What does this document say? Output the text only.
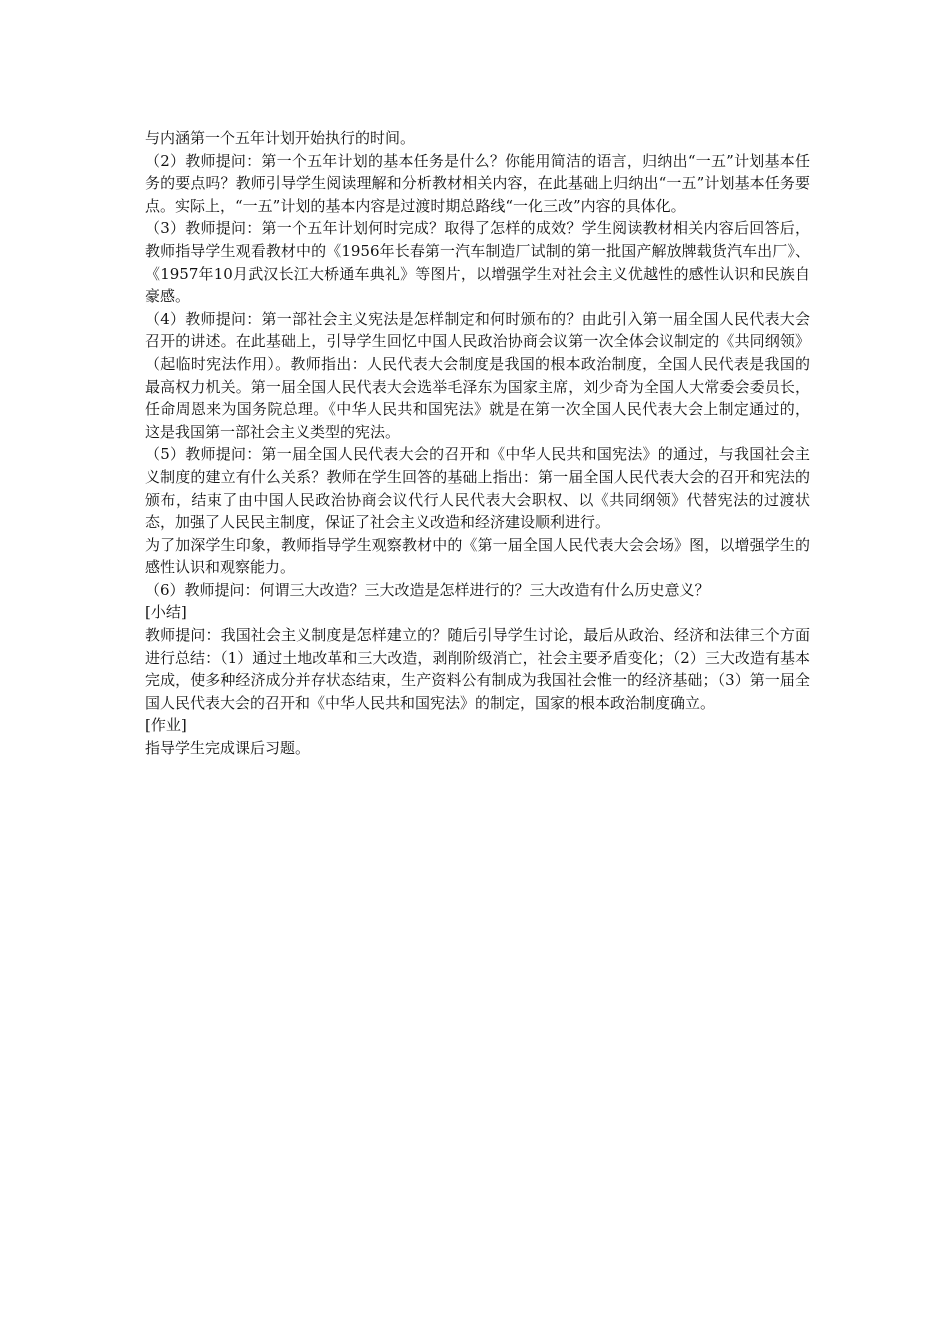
与内涵第一个五年计划开始执行的时间。

（2）教师提问：第一个五年计划的基本任务是什么？你能用简洁的语言，归纳出“一五”计划基本任务的要点吗？教师引导学生阅读理解和分析教材相关内容，在此基础上归纳出“一五”计划基本任务要点。实际上，“一五”计划的基本内容是过渡时期总路线“一化三改”内容的具体化。

（3）教师提问：第一个五年计划何时完成？取得了怎样的成效？学生阅读教材相关内容后回答后，教师指导学生观看教材中的《1956年长春第一汽车制造厂试制的第一批国产解放牌载货汽车出厂》、《1957年10月武汉长江大桥通车典礼》等图片，以增强学生对社会主义优越性的感性认识和民族自豪感。

（4）教师提问：第一部社会主义宪法是怎样制定和何时颁布的？由此引入第一届全国人民代表大会召开的讲述。在此基础上，引导学生回忆中国人民政治协商会议第一次全体会议制定的《共同纲领》（起临时宪法作用）。教师指出：人民代表大会制度是我国的根本政治制度，全国人民代表是我国的最高权力机关。第一届全国人民代表大会选举毛泽东为国家主席，刘少奇为全国人大常委会委员长，任命周恩来为国务院总理。《中华人民共和国宪法》就是在第一次全国人民代表大会上制定通过的，这是我国第一部社会主义类型的宪法。

（5）教师提问：第一届全国人民代表大会的召开和《中华人民共和国宪法》的通过，与我国社会主义制度的建立有什么关系？教师在学生回答的基础上指出：第一届全国人民代表大会的召开和宪法的颁布，结束了由中国人民政治协商会议代行人民代表大会职权、以《共同纲领》代替宪法的过渡状态，加强了人民民主制度，保证了社会主义改造和经济建设顺利进行。

为了加深学生印象，教师指导学生观察教材中的《第一届全国人民代表大会会场》图，以增强学生的感性认识和观察能力。

（6）教师提问：何谓三大改造？三大改造是怎样进行的？三大改造有什么历史意义？

[小结]

教师提问：我国社会主义制度是怎样建立的？随后引导学生讨论，最后从政治、经济和法律三个方面进行总结：（1）通过土地改革和三大改造，剥削阶级消亡，社会主要矛盾变化；（2）三大改造有基本完成，使多种经济成分并存状态结束，生产资料公有制成为我国社会惟一的经济基础；（3）第一届全国人民代表大会的召开和《中华人民共和国宪法》的制定，国家的根本政治制度确立。

[作业]

指导学生完成课后习题。
